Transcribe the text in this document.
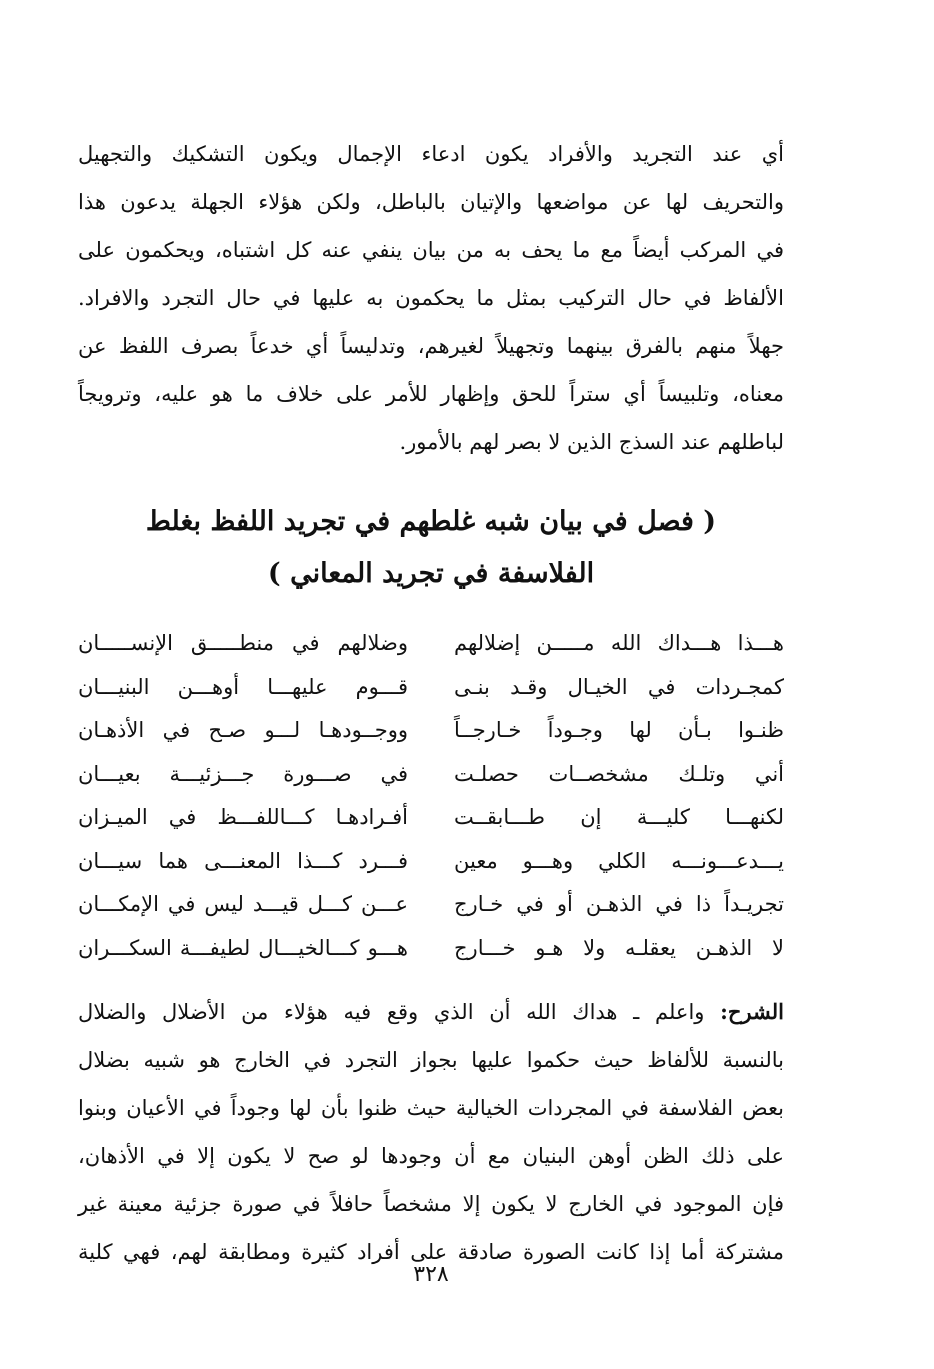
أي عند التجريد والأفراد يكون ادعاء الإجمال ويكون التشكيك والتجهيل
والتحريف لها عن مواضعها والإتيان بالباطل، ولكن هؤلاء الجهلة يدعون هذا
في المركب أيضاً مع ما يحف به من بيان ينفي عنه كل اشتباه، ويحكمون على
الألفاظ في حال التركيب بمثل ما يحكمون به عليها في حال التجرد والافراد.
جهلاً منهم بالفرق بينهما وتجهيلاً لغيرهم، وتدليساً أي خدعاً بصرف اللفظ عن
معناه، وتلبيساً أي ستراً للحق وإظهار للأمر على خلاف ما هو عليه، وترويجاً
لباطلهم عند السذج الذين لا بصر لهم بالأمور.
( فصل في بيان شبه غلطهم في تجريد اللفظ بغلط
الفلاسفة في تجريد المعاني )
هـــذا هـــداك الله مـــــن إضلالهم
وضلالهم في منطـــــق الإنســـــان
كمجـردات في الخيـال وقـد بنـى
قـــوم عليهـــا أوهـــن البنيـــان
ظنـوا بـأن لها وجـوداً خـارجــاً
ووجــودهـا لـــو صـح في الأذهـان
أني وتلـك مشخصــات حصلـت
في صـــورة جـــزئيـــة بعيـــان
لكنهـــا كليـــة إن طـــابقــت
أفـرادهـا كـــاللفـــظ في الميـزان
يـــدعـــونـــه الكلي وهـــو معين
فـــرد كـــذا المعنـــى هما سيـــان
تجريـداً ذا في الذهـن أو في خـارج
عـــن كـــل قيـــد ليس في الإمكـــان
لا الذهـن يعقلـه ولا هـو خـــارج
هـــو كـــالخيـــال لطيفـــة السكـــران
الشرح: واعلم ـ هداك الله أن الذي وقع فيه هؤلاء من الأضلال والضلال
بالنسبة للألفاظ حيث حكموا عليها بجواز التجرد في الخارج هو شبيه بضلال
بعض الفلاسفة في المجردات الخيالية حيث ظنوا بأن لها وجوداً في الأعيان وبنوا
على ذلك الظن أوهن البنيان مع أن وجودها لو صح لا يكون إلا في الأذهان،
فإن الموجود في الخارج لا يكون إلا مشخصاً حافلاً في صورة جزئية معينة غير
مشتركة أما إذا كانت الصورة صادقة على أفراد كثيرة ومطابقة لهم، فهي كلية
٣٢٨
